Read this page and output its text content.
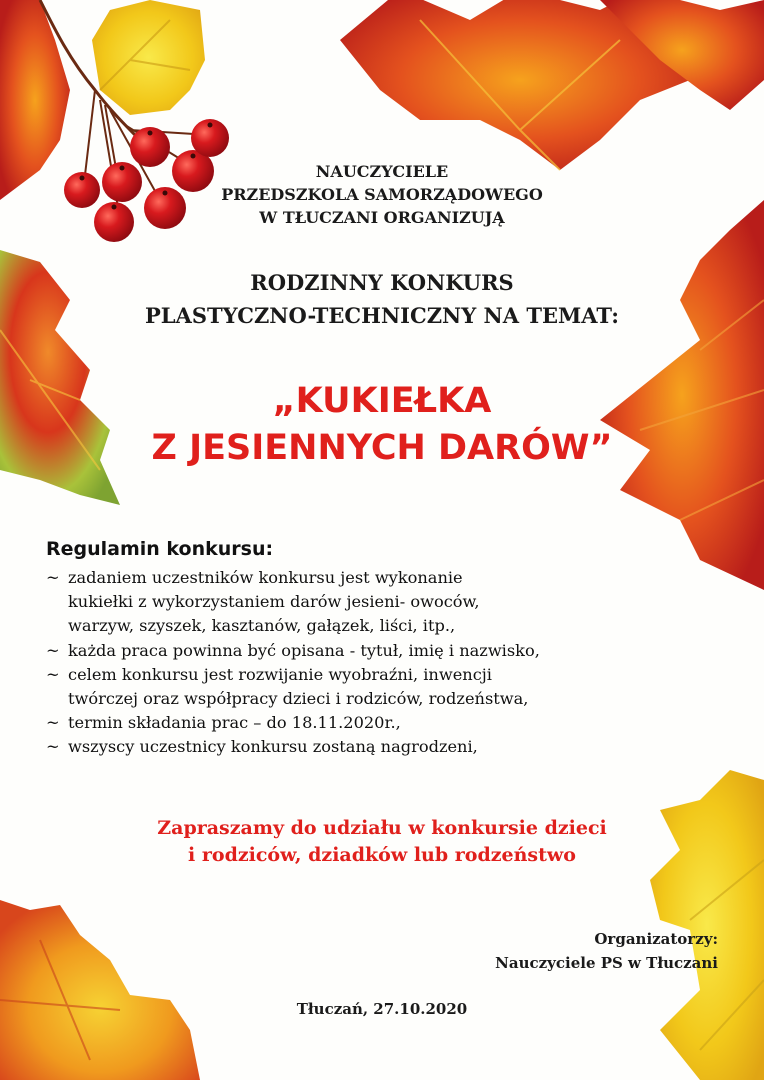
NAUCZYCIELE

PRZEDSZKOLA SAMORZĄDOWEGO

W TŁUCZANI ORGANIZUJĄ

RODZINNY KONKURS

PLASTYCZNO-TECHNICZNY NA TEMAT:

„KUKIEŁKA

Z JESIENNYCH DARÓW”

Regulamin konkursu:

~ zadaniem uczestników konkursu jest wykonanie
kukiełki z wykorzystaniem darów jesieni- owoców,
warzyw, szyszek, kasztanów, gałązek, liści, itp.,
~ każda praca powinna być opisana - tytuł, imię i nazwisko,
~ celem konkursu jest rozwijanie wyobraźni, inwencji
twórczej oraz współpracy dzieci i rodziców, rodzeństwa,
~ termin składania prac – do 18.11.2020r.,
~ wszyscy uczestnicy konkursu zostaną nagrodzeni,

Zapraszamy do udziału w konkursie dzieci

i rodziców, dziadków lub rodzeństwo

Organizatorzy:

Nauczyciele PS w Tłuczani

Tłuczań, 27.10.2020
